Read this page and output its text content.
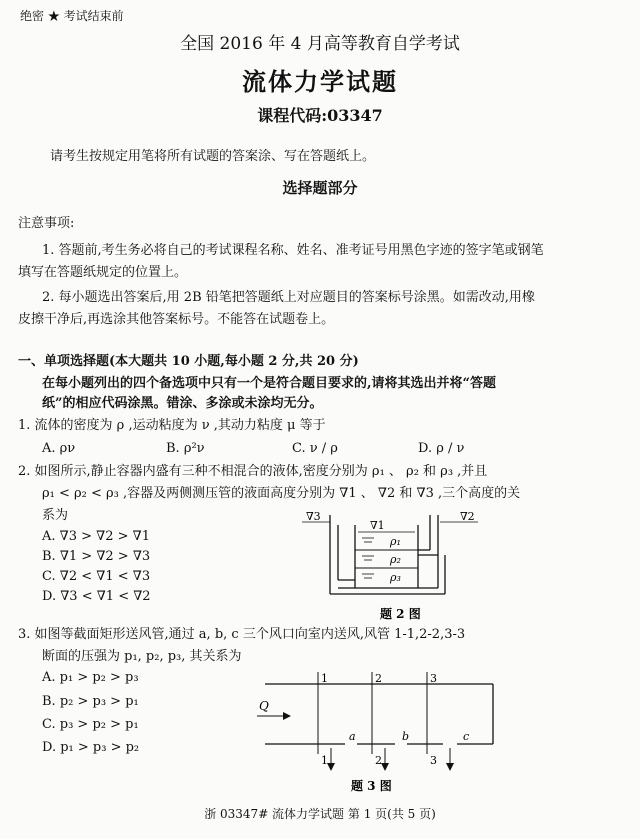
绝密 ★ 考试结束前
全国 2016 年 4 月高等教育自学考试
流体力学试题
课程代码:03347
请考生按规定用笔将所有试题的答案涂、写在答题纸上。
选择题部分
注意事项:
1. 答题前,考生务必将自己的考试课程名称、姓名、准考证号用黑色字迹的签字笔或钢笔
填写在答题纸规定的位置上。
2. 每小题选出答案后,用 2B 铅笔把答题纸上对应题目的答案标号涂黑。如需改动,用橡
皮擦干净后,再选涂其他答案标号。不能答在试题卷上。
一、单项选择题(本大题共 10 小题,每小题 2 分,共 20 分)
在每小题列出的四个备选项中只有一个是符合题目要求的,请将其选出并将“答题
纸”的相应代码涂黑。错涂、多涂或未涂均无分。
1. 流体的密度为 ρ ,运动粘度为 ν ,其动力粘度 μ 等于
A. ρν	B. ρ²ν	C. ν / ρ	D. ρ / ν
2. 如图所示,静止容器内盛有三种不相混合的液体,密度分别为 ρ₁ 、 ρ₂ 和 ρ₃ ,并且
ρ₁ < ρ₂ < ρ₃ ,容器及两侧测压管的液面高度分别为 ∇1 、 ∇2 和 ∇3 ,三个高度的关
系为
A. ∇3 > ∇2 > ∇1
B. ∇1 > ∇2 > ∇3
C. ∇2 < ∇1 < ∇3
D. ∇3 < ∇1 < ∇2
∇3
∇1
∇2
ρ₁
ρ₂
ρ₃
题 2 图
3. 如图等截面矩形送风管,通过 a, b, c 三个风口向室内送风,风管 1-1,2-2,3-3
断面的压强为 p₁, p₂, p₃, 其关系为
A. p₁ > p₂ > p₃
B. p₂ > p₃ > p₁
C. p₃ > p₂ > p₁
D. p₁ > p₃ > p₂
Q
1	2	3
1	2	3
a	b	c
题 3 图
浙 03347# 流体力学试题 第 1 页(共 5 页)
